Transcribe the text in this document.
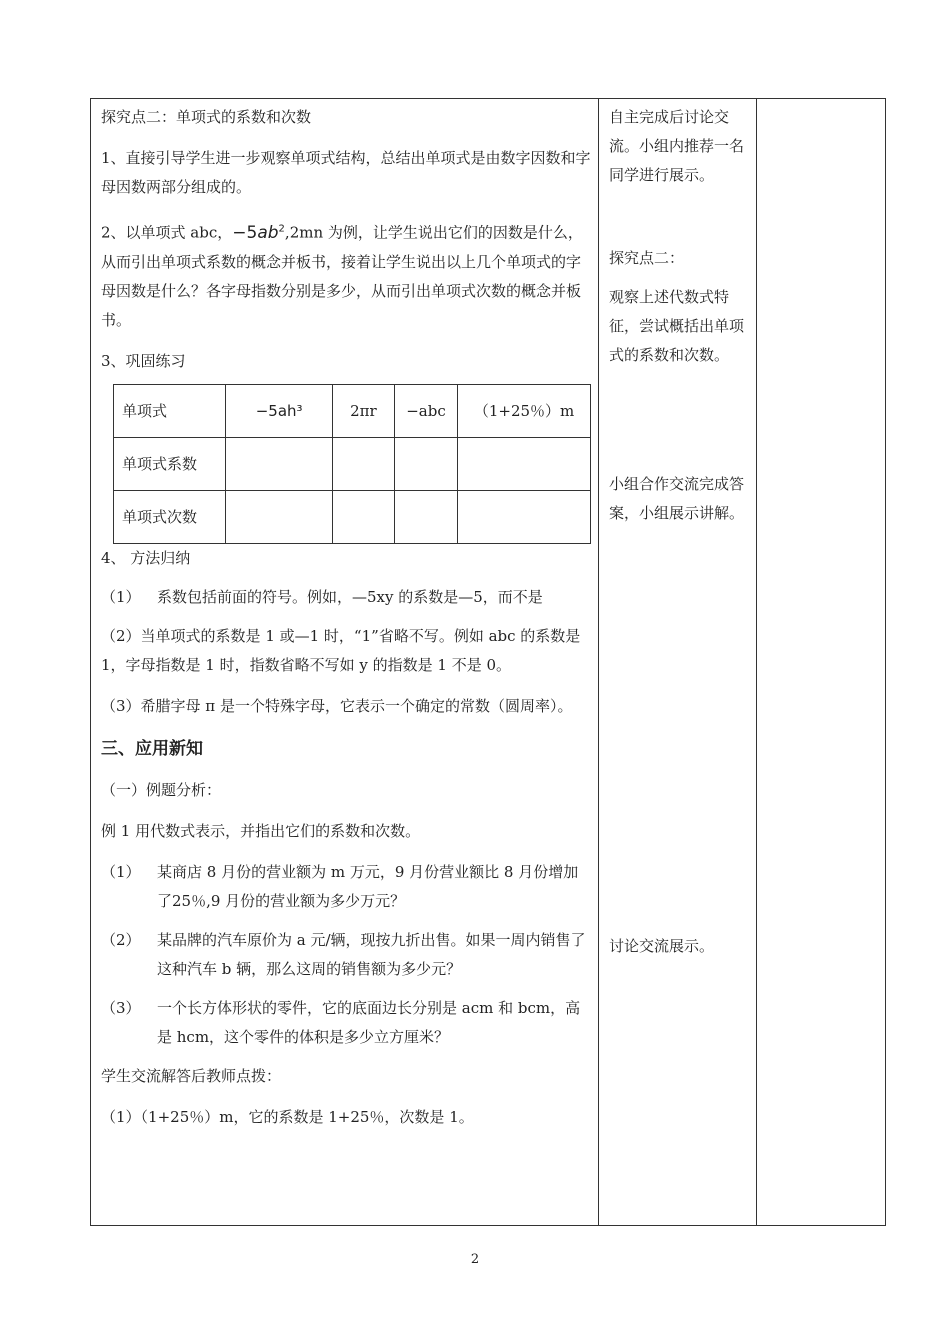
探究点二：单项式的系数和次数

1、直接引导学生进一步观察单项式结构，总结出单项式是由数字因数和字母因数两部分组成的。

2、以单项式 abc，$-5ab^2,2mn$ 为例，让学生说出它们的因数是什么，从而引出单项式系数的概念并板书，接着让学生说出以上几个单项式的字母因数是什么？各字母指数分别是多少，从而引出单项式次数的概念并板书。

3、巩固练习

单项式	−5ah³	2πr	−abc	（1+25％）m
单项式系数				
单项式次数				

4、 方法归纳

（1）	系数包括前面的符号。例如，—5xy 的系数是—5，而不是

（2）当单项式的系数是 1 或—1 时，“1”省略不写。例如 abc 的系数是 1，字母指数是 1 时，指数省略不写如 y 的指数是 1 不是 0。

（3）希腊字母 π 是一个特殊字母，它表示一个确定的常数（圆周率）。

三、应用新知

（一）例题分析：

例 1 用代数式表示，并指出它们的系数和次数。

（1）	某商店 8 月份的营业额为 m 万元，9 月份营业额比 8 月份增加了25％,9 月份的营业额为多少万元？
（2）	某品牌的汽车原价为 a 元/辆，现按九折出售。如果一周内销售了这种汽车 b 辆，那么这周的销售额为多少元？
（3）	一个长方体形状的零件，它的底面边长分别是 acm 和 bcm，高是 hcm，这个零件的体积是多少立方厘米？

学生交流解答后教师点拨：

（1）（1+25％）m，它的系数是 1+25％，次数是 1。

自主完成后讨论交流。小组内推荐一名同学进行展示。

探究点二：

观察上述代数式特征，尝试概括出单项式的系数和次数。

小组合作交流完成答案，小组展示讲解。

讨论交流展示。

2
